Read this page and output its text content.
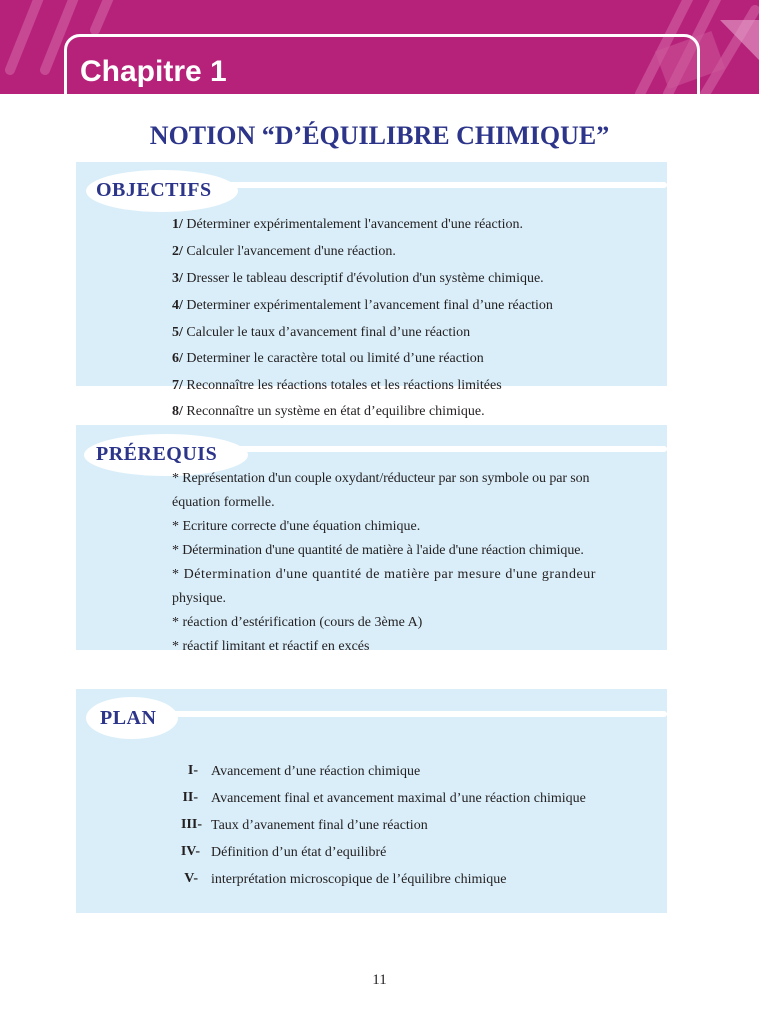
Chapitre 1
NOTION “D’ÉQUILIBRE CHIMIQUE”
OBJECTIFS

1/ Déterminer expérimentalement l'avancement d'une réaction.

2/ Calculer l'avancement d'une réaction.

3/ Dresser le tableau descriptif d'évolution d'un système chimique.

4/ Determiner expérimentalement l’avancement final d’une réaction

5/ Calculer le taux d’avancement final d’une réaction

6/ Determiner le caractère total ou limité d’une réaction

7/ Reconnaître les réactions totales et les réactions limitées

8/ Reconnaître un système en état d’equilibre chimique.

PRÉREQUIS

* Représentation d'un couple oxydant/réducteur par son symbole ou par son

équation formelle.

* Ecriture correcte d'une équation chimique.

* Détermination d'une quantité de matière à l'aide d'une réaction chimique.

* Détermination d'une quantité de matière par mesure d'une grandeur

physique.

* réaction d’estérification (cours de 3ème A)

* réactif limitant et réactif en excés

PLAN
I- Avancement d’une réaction chimique
II- Avancement final et avancement maximal d’une réaction chimique
III- Taux d’avanement final d’une réaction
IV- Définition d’un état d’equilibré
V- interprétation microscopique de l’équilibre chimique
11
